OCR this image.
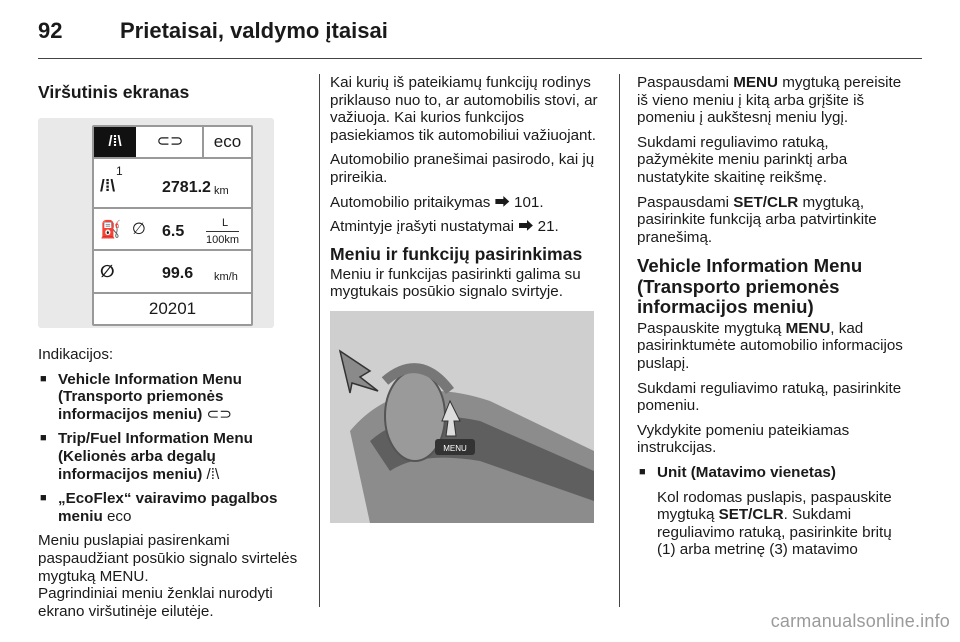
92	Prietaisai, valdymo įtaisai
Viršutinis ekranas
/⁞\	⊂⊃	eco
1
/⁞\	2781.2 km
⛽ ∅ 6.5	L
100km
∅	99.6 km/h
20201

Indikacijos:

■ Vehicle Information Menu (Transporto priemonės informacijos meniu) ⊂⊃
■ Trip/Fuel Information Menu (Kelionės arba degalų informacijos meniu) /⁞\
■ „EcoFlex“ vairavimo pagalbos meniu eco

Meniu puslapiai pasirenkami paspaudžiant posūkio signalo svirtelės mygtuką MENU.

Pagrindiniai meniu ženklai nurodyti ekrano viršutinėje eilutėje.

Kai kurių iš pateikiamų funkcijų rodinys priklauso nuo to, ar automobilis stovi, ar važiuoja. Kai kurios funkcijos pasiekiamos tik automobiliui važiuojant.

Automobilio pranešimai pasirodo, kai jų prireikia.

Automobilio pritaikymas ⮕ 101.

Atmintyje įrašyti nustatymai ⮕ 21.

Meniu ir funkcijų pasirinkimas

Meniu ir funkcijas pasirinkti galima su mygtukais posūkio signalo svirtyje.

MENU

Paspausdami MENU mygtuką pereisite iš vieno meniu į kitą arba grįšite iš pomeniu į aukštesnį meniu lygį.

Sukdami reguliavimo ratuką, pažymėkite meniu parinktį arba nustatykite skaitinę reikšmę.

Paspausdami SET/CLR mygtuką, pasirinkite funkciją arba patvirtinkite pranešimą.

Vehicle Information Menu (Transporto priemonės informacijos meniu)

Paspauskite mygtuką MENU, kad pasirinktumėte automobilio informacijos puslapį.

Sukdami reguliavimo ratuką, pasirinkite pomeniu.

Vykdykite pomeniu pateikiamas instrukcijas.

■ Unit (Matavimo vienetas)

Kol rodomas puslapis, paspauskite mygtuką SET/CLR. Sukdami reguliavimo ratuką, pasirinkite britų (1) arba metrinę (3) matavimo

carmanualsonline.info
